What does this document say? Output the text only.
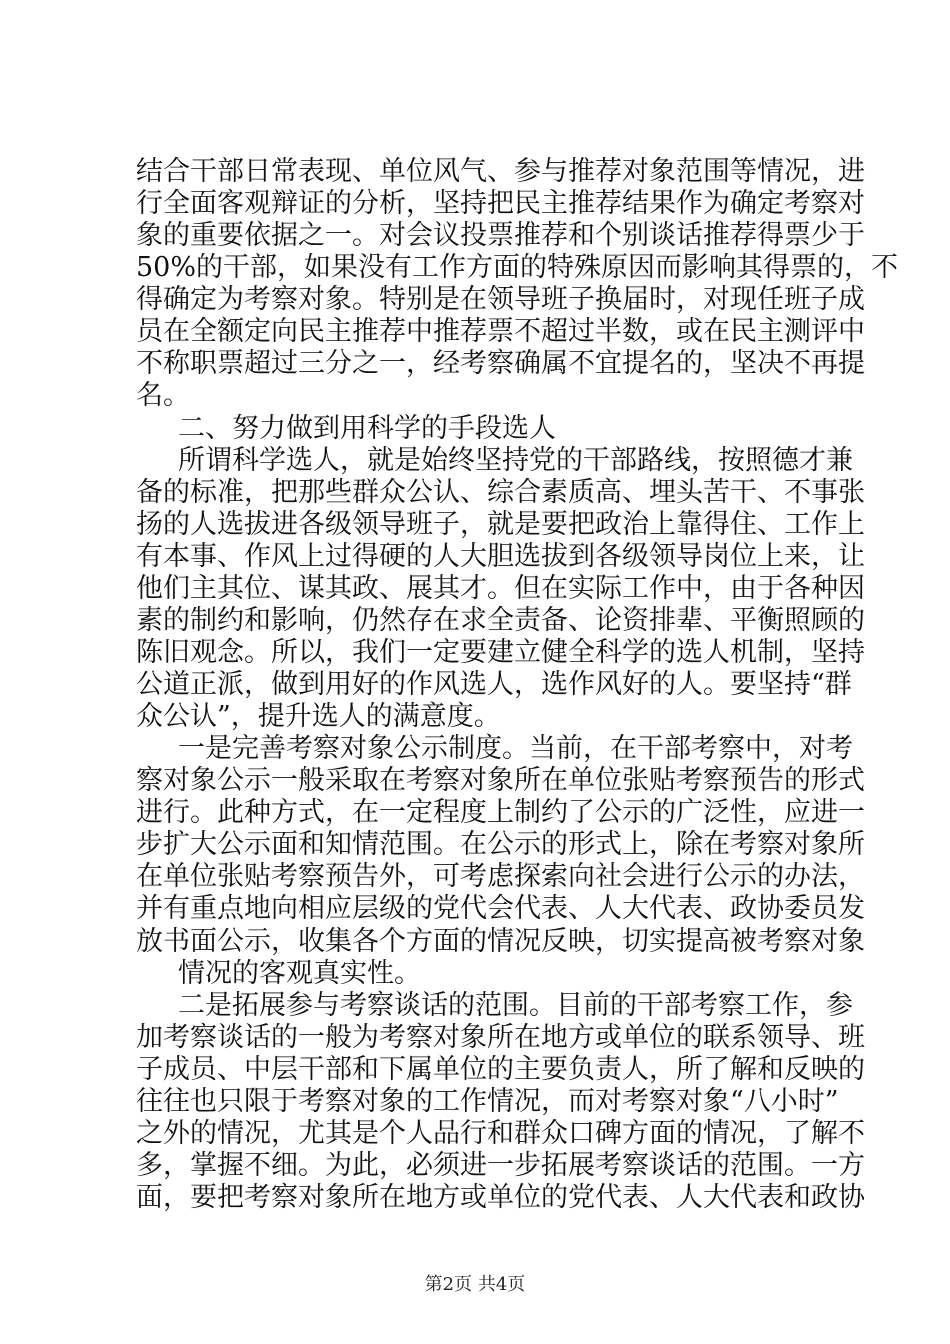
结合干部日常表现、单位风气、参与推荐对象范围等情况，进
行全面客观辩证的分析，坚持把民主推荐结果作为确定考察对
象的重要依据之一。对会议投票推荐和个别谈话推荐得票少于
50%的干部，如果没有工作方面的特殊原因而影响其得票的，不
得确定为考察对象。特别是在领导班子换届时，对现任班子成
员在全额定向民主推荐中推荐票不超过半数，或在民主测评中
不称职票超过三分之一，经考察确属不宜提名的，坚决不再提
名。
二、努力做到用科学的手段选人
所谓科学选人，就是始终坚持党的干部路线，按照德才兼
备的标准，把那些群众公认、综合素质高、埋头苦干、不事张
扬的人选拔进各级领导班子，就是要把政治上靠得住、工作上
有本事、作风上过得硬的人大胆选拔到各级领导岗位上来，让
他们主其位、谋其政、展其才。但在实际工作中，由于各种因
素的制约和影响，仍然存在求全责备、论资排辈、平衡照顾的
陈旧观念。所以，我们一定要建立健全科学的选人机制，坚持
公道正派，做到用好的作风选人，选作风好的人。要坚持“群
众公认”，提升选人的满意度。
一是完善考察对象公示制度。当前，在干部考察中，对考
察对象公示一般采取在考察对象所在单位张贴考察预告的形式
进行。此种方式，在一定程度上制约了公示的广泛性，应进一
步扩大公示面和知情范围。在公示的形式上，除在考察对象所
在单位张贴考察预告外，可考虑探索向社会进行公示的办法，
并有重点地向相应层级的党代会代表、人大代表、政协委员发
放书面公示，收集各个方面的情况反映，切实提高被考察对象
情况的客观真实性。
二是拓展参与考察谈话的范围。目前的干部考察工作，参
加考察谈话的一般为考察对象所在地方或单位的联系领导、班
子成员、中层干部和下属单位的主要负责人，所了解和反映的
往往也只限于考察对象的工作情况，而对考察对象“八小时”
之外的情况，尤其是个人品行和群众口碑方面的情况，了解不
多，掌握不细。为此，必须进一步拓展考察谈话的范围。一方
面，要把考察对象所在地方或单位的党代表、人大代表和政协
第2页 共4页
